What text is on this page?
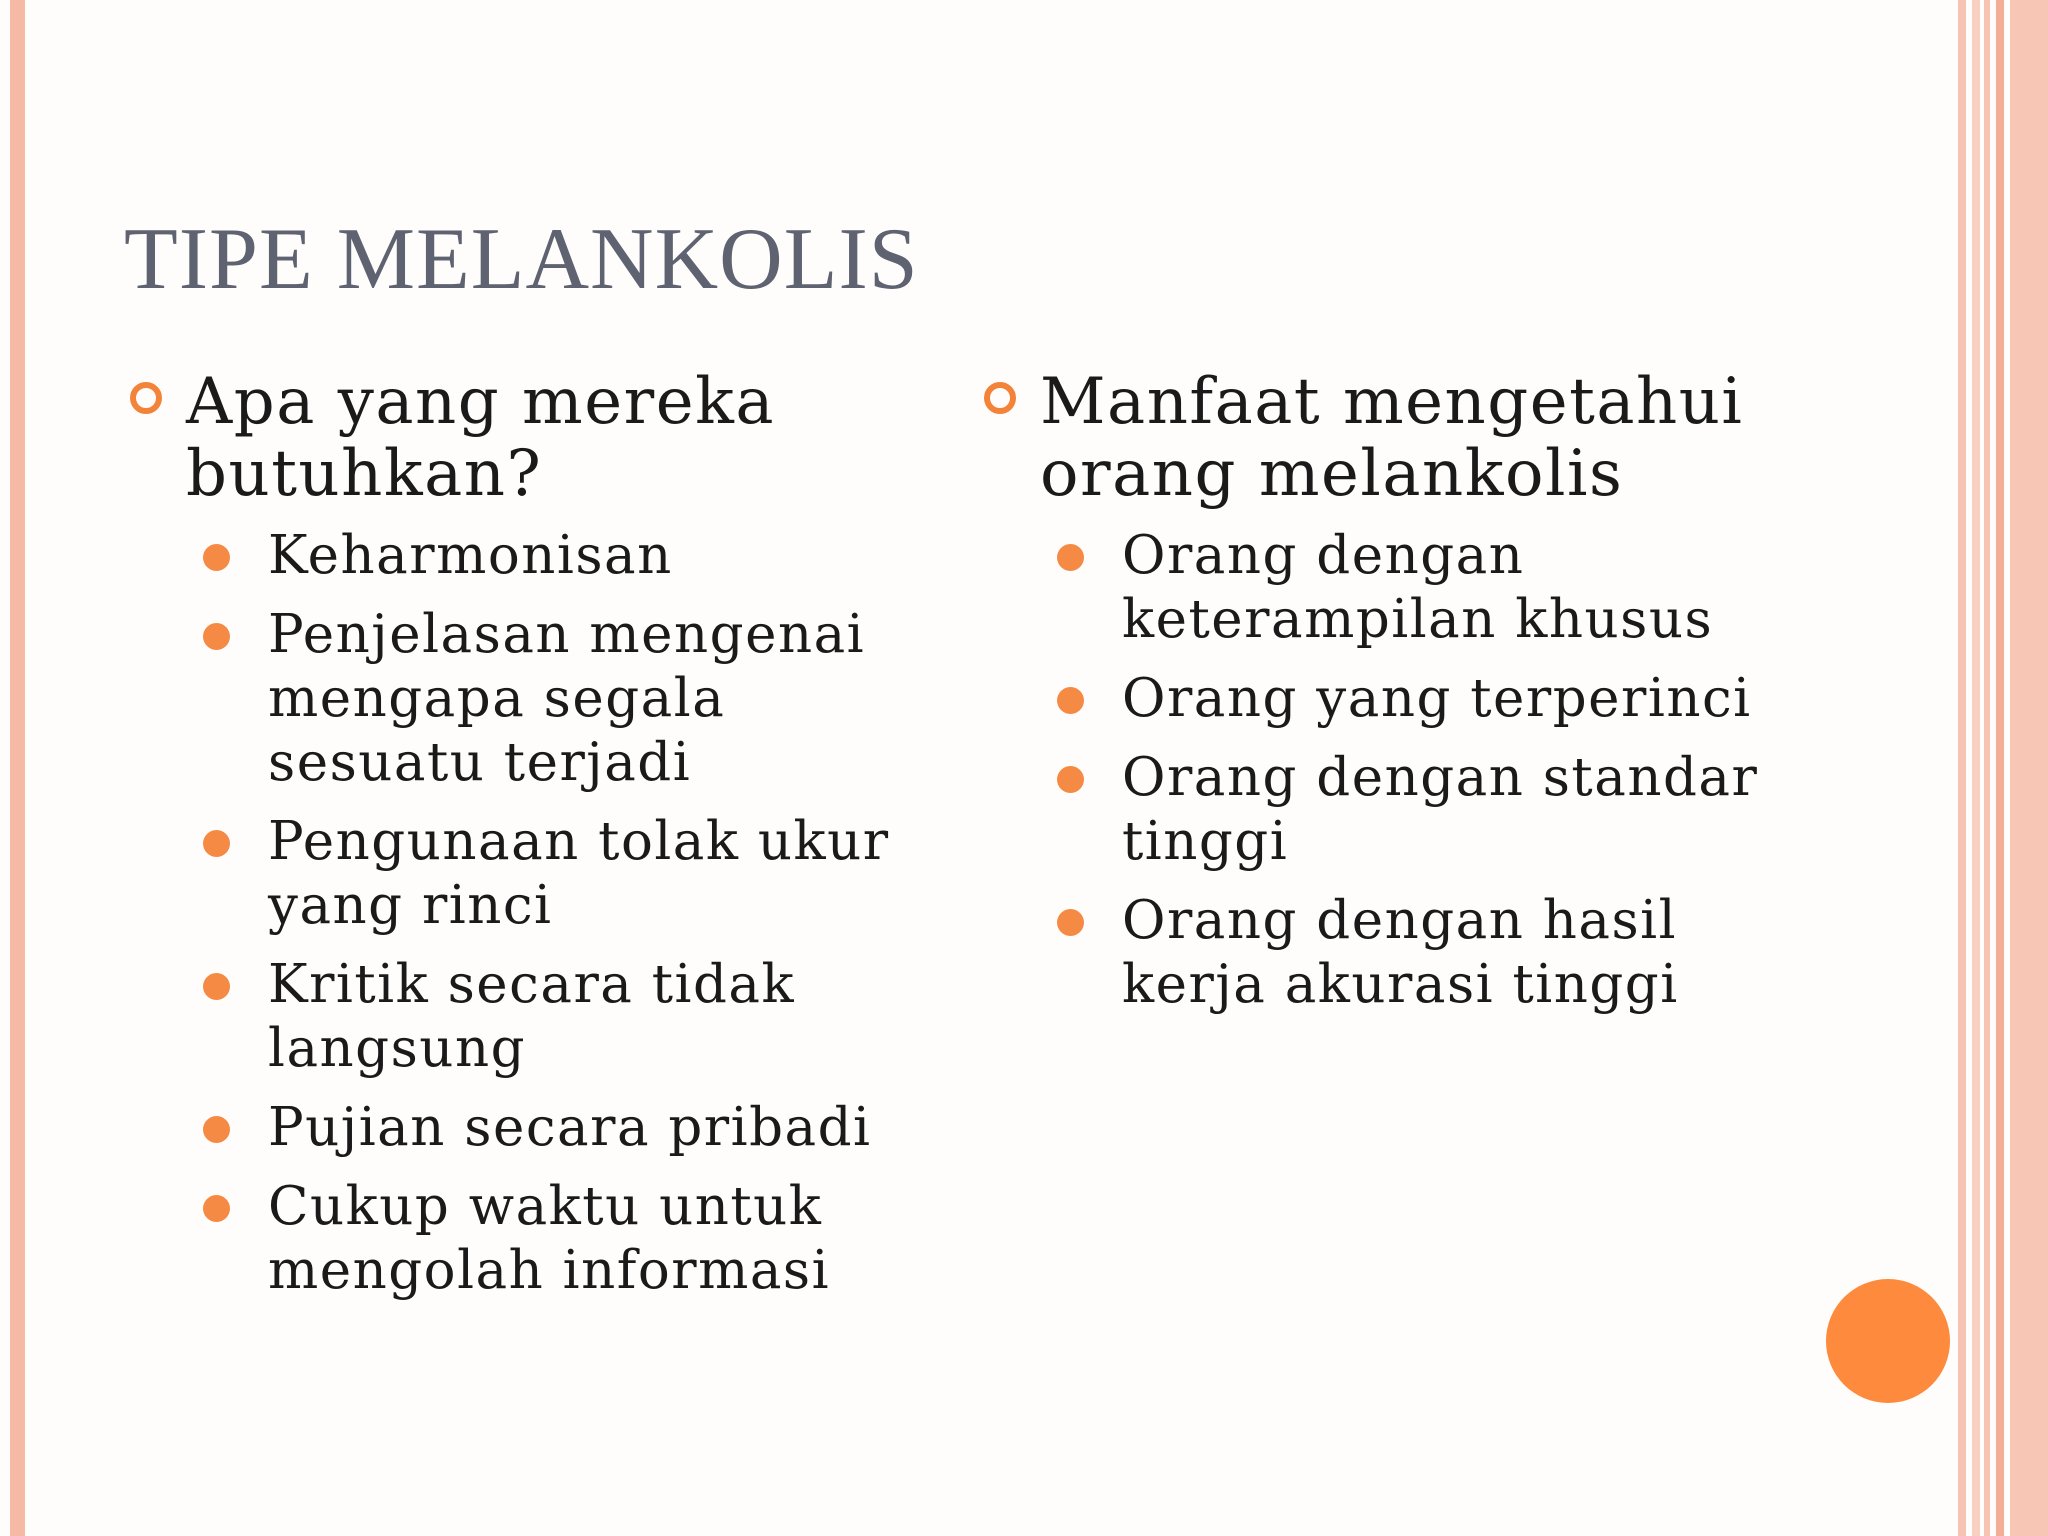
TIPE MELANKOLIS
Apa yang mereka butuhkan?
Keharmonisan
Penjelasan mengenai mengapa segala sesuatu terjadi
Pengunaan tolak ukur yang rinci
Kritik secara tidak langsung
Pujian secara pribadi
Cukup waktu untuk mengolah informasi
Manfaat mengetahui orang melankolis
Orang dengan keterampilan khusus
Orang yang terperinci
Orang dengan standar tinggi
Orang dengan hasil kerja akurasi tinggi
